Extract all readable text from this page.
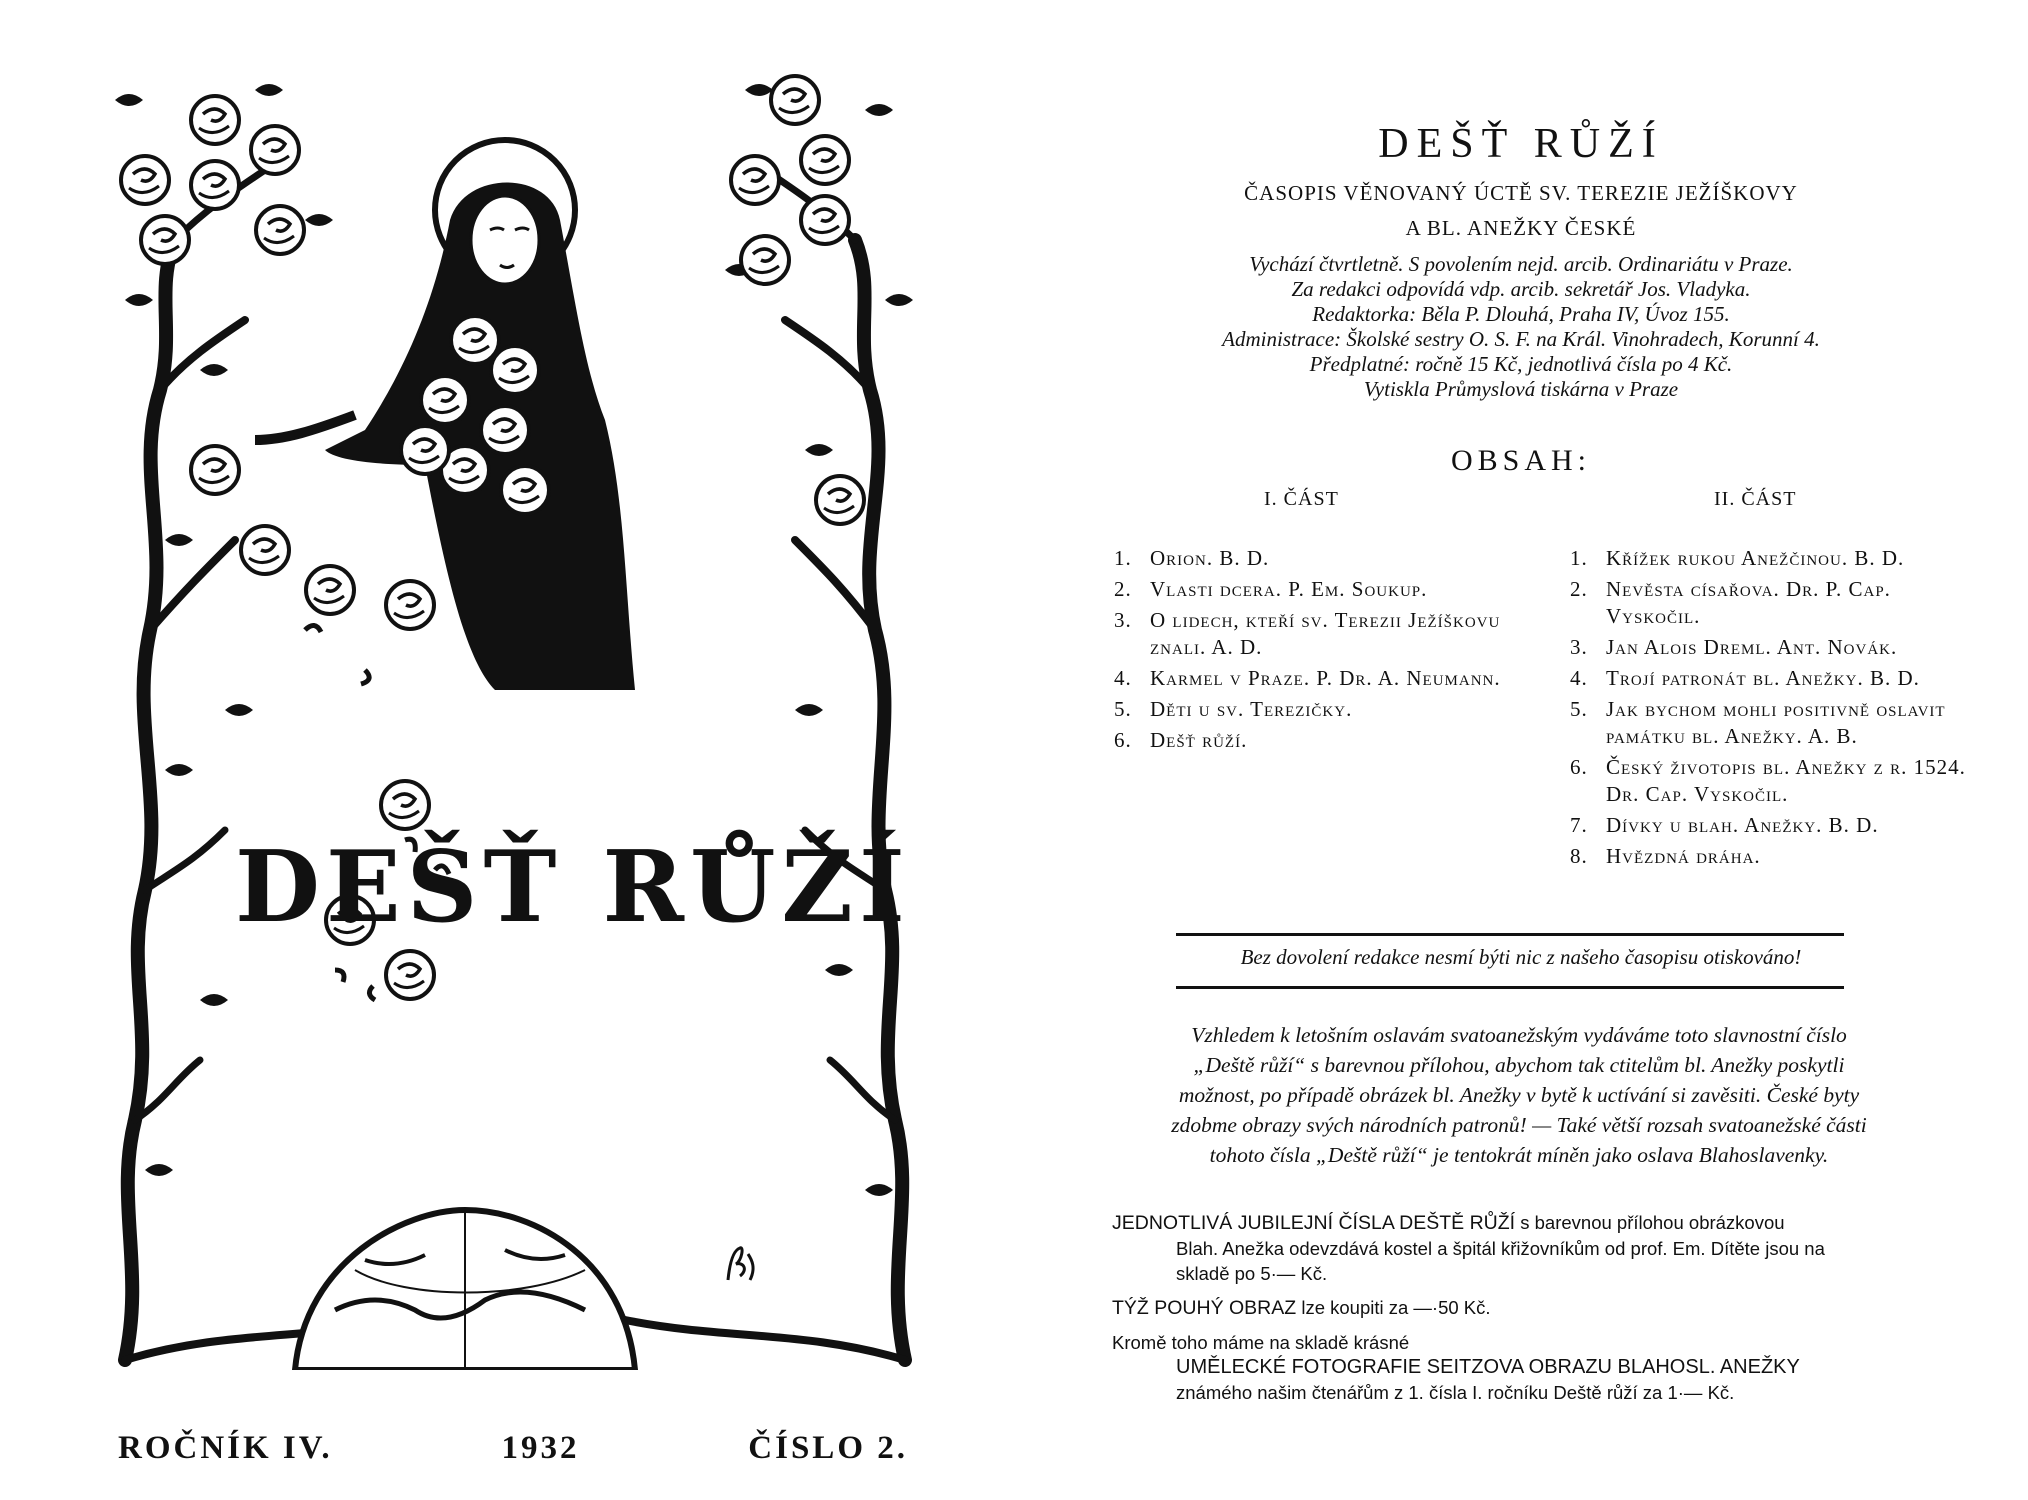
DEŠŤ RŮŽÍ
ROČNÍK IV.	1932	ČÍSLO 2.
DEŠŤ RŮŽÍ
ČASOPIS VĚNOVANÝ ÚCTĚ SV. TEREZIE JEŽÍŠKOVY
A BL. ANEŽKY ČESKÉ
Vychází čtvrtletně. S povolením nejd. arcib. Ordinariátu v Praze.
Za redakci odpovídá vdp. arcib. sekretář Jos. Vladyka.
Redaktorka: Běla P. Dlouhá, Praha IV, Úvoz 155.
Administrace: Školské sestry O. S. F. na Král. Vinohradech, Korunní 4.
Předplatné: ročně 15 Kč, jednotlivá čísla po 4 Kč.
Vytiskla Průmyslová tiskárna v Praze
OBSAH:
I. ČÁST	II. ČÁST
1. Orion. B. D.
2. Vlasti dcera. P. Em. Soukup.
3. O lidech, kteří sv. Terezii Ježíškovu znali. A. D.
4. Karmel v Praze. P. Dr. A. Neumann.
5. Děti u sv. Terezičky.
6. Dešť růží.
1. Křížek rukou Anežčinou. B. D.
2. Nevěsta císařova. Dr. P. Cap. Vyskočil.
3. Jan Alois Dreml. Ant. Novák.
4. Trojí patronát bl. Anežky. B. D.
5. Jak bychom mohli positivně oslavit památku bl. Anežky. A. B.
6. Český životopis bl. Anežky z r. 1524. Dr. Cap. Vyskočil.
7. Dívky u blah. Anežky. B. D.
8. Hvězdná dráha.
Bez dovolení redakce nesmí býti nic z našeho časopisu otiskováno!
Vzhledem k letošním oslavám svatoanežským vydáváme toto slavnostní číslo
„Deště růží“ s barevnou přílohou, abychom tak ctitelům bl. Anežky poskytli
možnost, po případě obrázek bl. Anežky v bytě k uctívání si zavěsiti. České byty
zdobme obrazy svých národních patronů! — Také větší rozsah svatoanežské části
tohoto čísla „Deště růží“ je tentokrát míněn jako oslava Blahoslavenky.

JEDNOTLIVÁ JUBILEJNÍ ČÍSLA DEŠTĚ RŮŽÍ s barevnou přílohou obrázkovou
Blah. Anežka odevzdává kostel a špitál křižovníkům od prof. Em. Dítěte jsou na
skladě po 5·— Kč.

TÝŽ POUHÝ OBRAZ lze koupiti za —·50 Kč.

Kromě toho máme na skladě krásné
UMĚLECKÉ FOTOGRAFIE SEITZOVA OBRAZU BLAHOSL. ANEŽKY
známého našim čtenářům z 1. čísla I. ročníku Deště růží za 1·— Kč.
